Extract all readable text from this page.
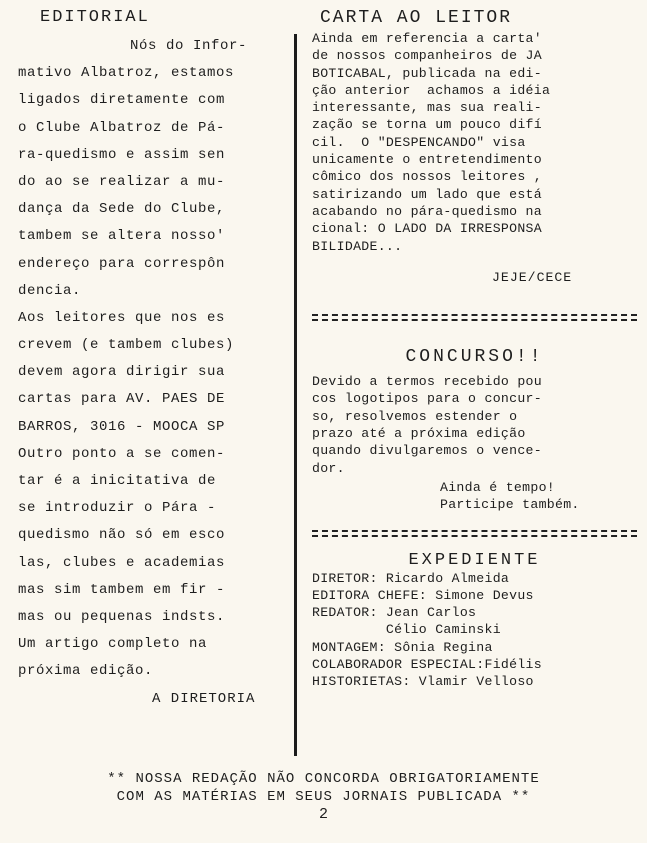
EDITORIAL
Nós do Infor-
mativo Albatroz, estamos
ligados diretamente com
o Clube Albatroz de Pá-
ra-quedismo e assim sen
do ao se realizar a mu-
dança da Sede do Clube,
tambem se altera nosso'
endereço para correspôn
dencia.
Aos leitores que nos es
crevem (e tambem clubes)
devem agora dirigir sua
cartas para AV. PAES DE
BARROS, 3016 - MOOCA SP
Outro ponto a se comen-
tar é a inicitativa de
se introduzir o Pára -
quedismo não só em esco
las, clubes e academias
mas sim tambem em fir -
mas ou pequenas indsts.
Um artigo completo na
próxima edição.
A DIRETORIA
CARTA AO LEITOR
Ainda em referencia a carta'
de nossos companheiros de JA
BOTICABAL, publicada na edi-
ção anterior  achamos a idéia
interessante, mas sua reali-
zação se torna um pouco difí
cil.  O "DESPENCANDO" visa
unicamente o entretendimento
cômico dos nossos leitores ,
satirizando um lado que está
acabando no pára-quedismo na
cional: O LADO DA IRRESPONSA
BILIDADE...
JEJE/CECE
CONCURSO!!
Devido a termos recebido pou
cos logotipos para o concur-
so, resolvemos estender o
prazo até a próxima edição
quando divulgaremos o vence-
dor.
Ainda é tempo!
Participe também.
EXPEDIENTE
DIRETOR: Ricardo Almeida
EDITORA CHEFE: Simone Devus
REDATOR: Jean Carlos
Célio Caminski
MONTAGEM: Sônia Regina
COLABORADOR ESPECIAL:Fidélis
HISTORIETAS: Vlamir Velloso
** NOSSA REDAÇÃO NÃO CONCORDA OBRIGATORIAMENTE
COM AS MATÉRIAS EM SEUS JORNAIS PUBLICADA **
2
